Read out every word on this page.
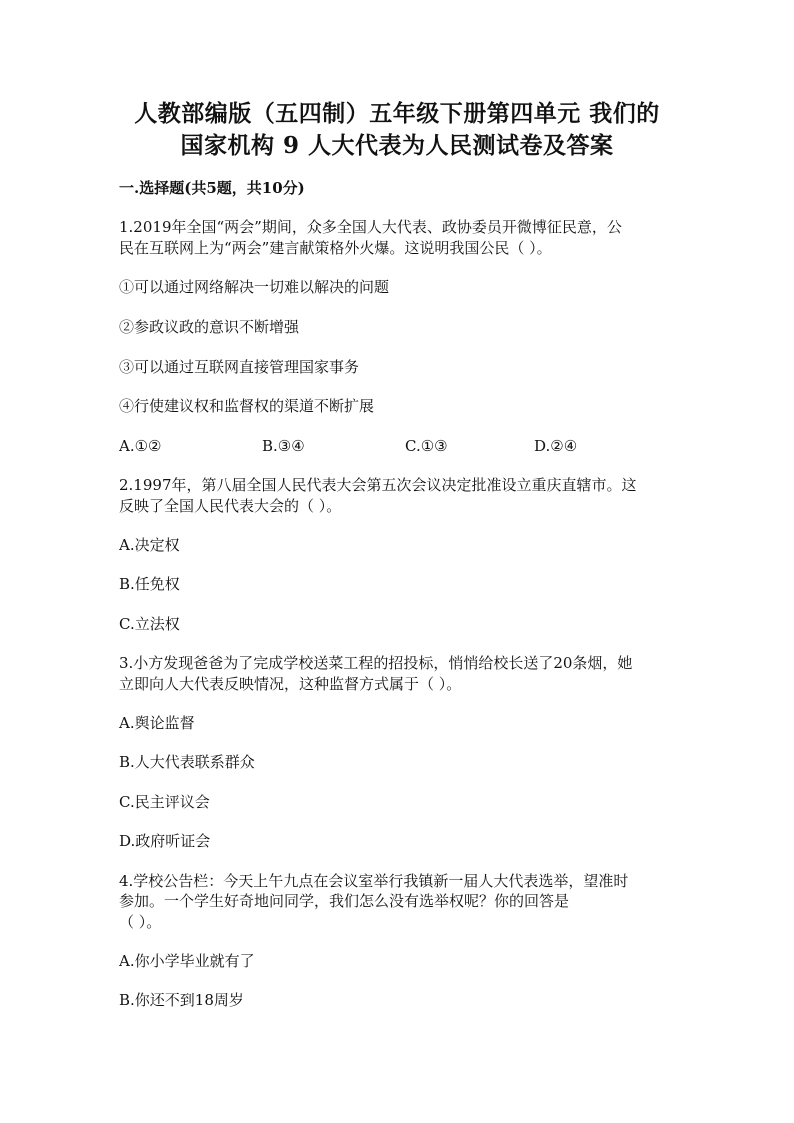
人教部编版（五四制）五年级下册第四单元 我们的
国家机构 9 人大代表为人民测试卷及答案
一.选择题(共5题，共10分)
1.2019年全国“两会”期间，众多全国人大代表、政协委员开微博征民意，公
民在互联网上为“两会”建言献策格外火爆。这说明我国公民（ ）。
①可以通过网络解决一切难以解决的问题
②参政议政的意识不断增强
③可以通过互联网直接管理国家事务
④行使建议权和监督权的渠道不断扩展
A.①②	B.③④	C.①③	D.②④
2.1997年，第八届全国人民代表大会第五次会议决定批准设立重庆直辖市。这
反映了全国人民代表大会的（ ）。
A.决定权
B.任免权
C.立法权
3.小方发现爸爸为了完成学校送菜工程的招投标，悄悄给校长送了20条烟，她
立即向人大代表反映情况，这种监督方式属于（ ）。
A.舆论监督
B.人大代表联系群众
C.民主评议会
D.政府听证会
4.学校公告栏：今天上午九点在会议室举行我镇新一届人大代表选举，望准时
参加。一个学生好奇地问同学，我们怎么没有选举权呢？你的回答是
（ ）。
A.你小学毕业就有了
B.你还不到18周岁
